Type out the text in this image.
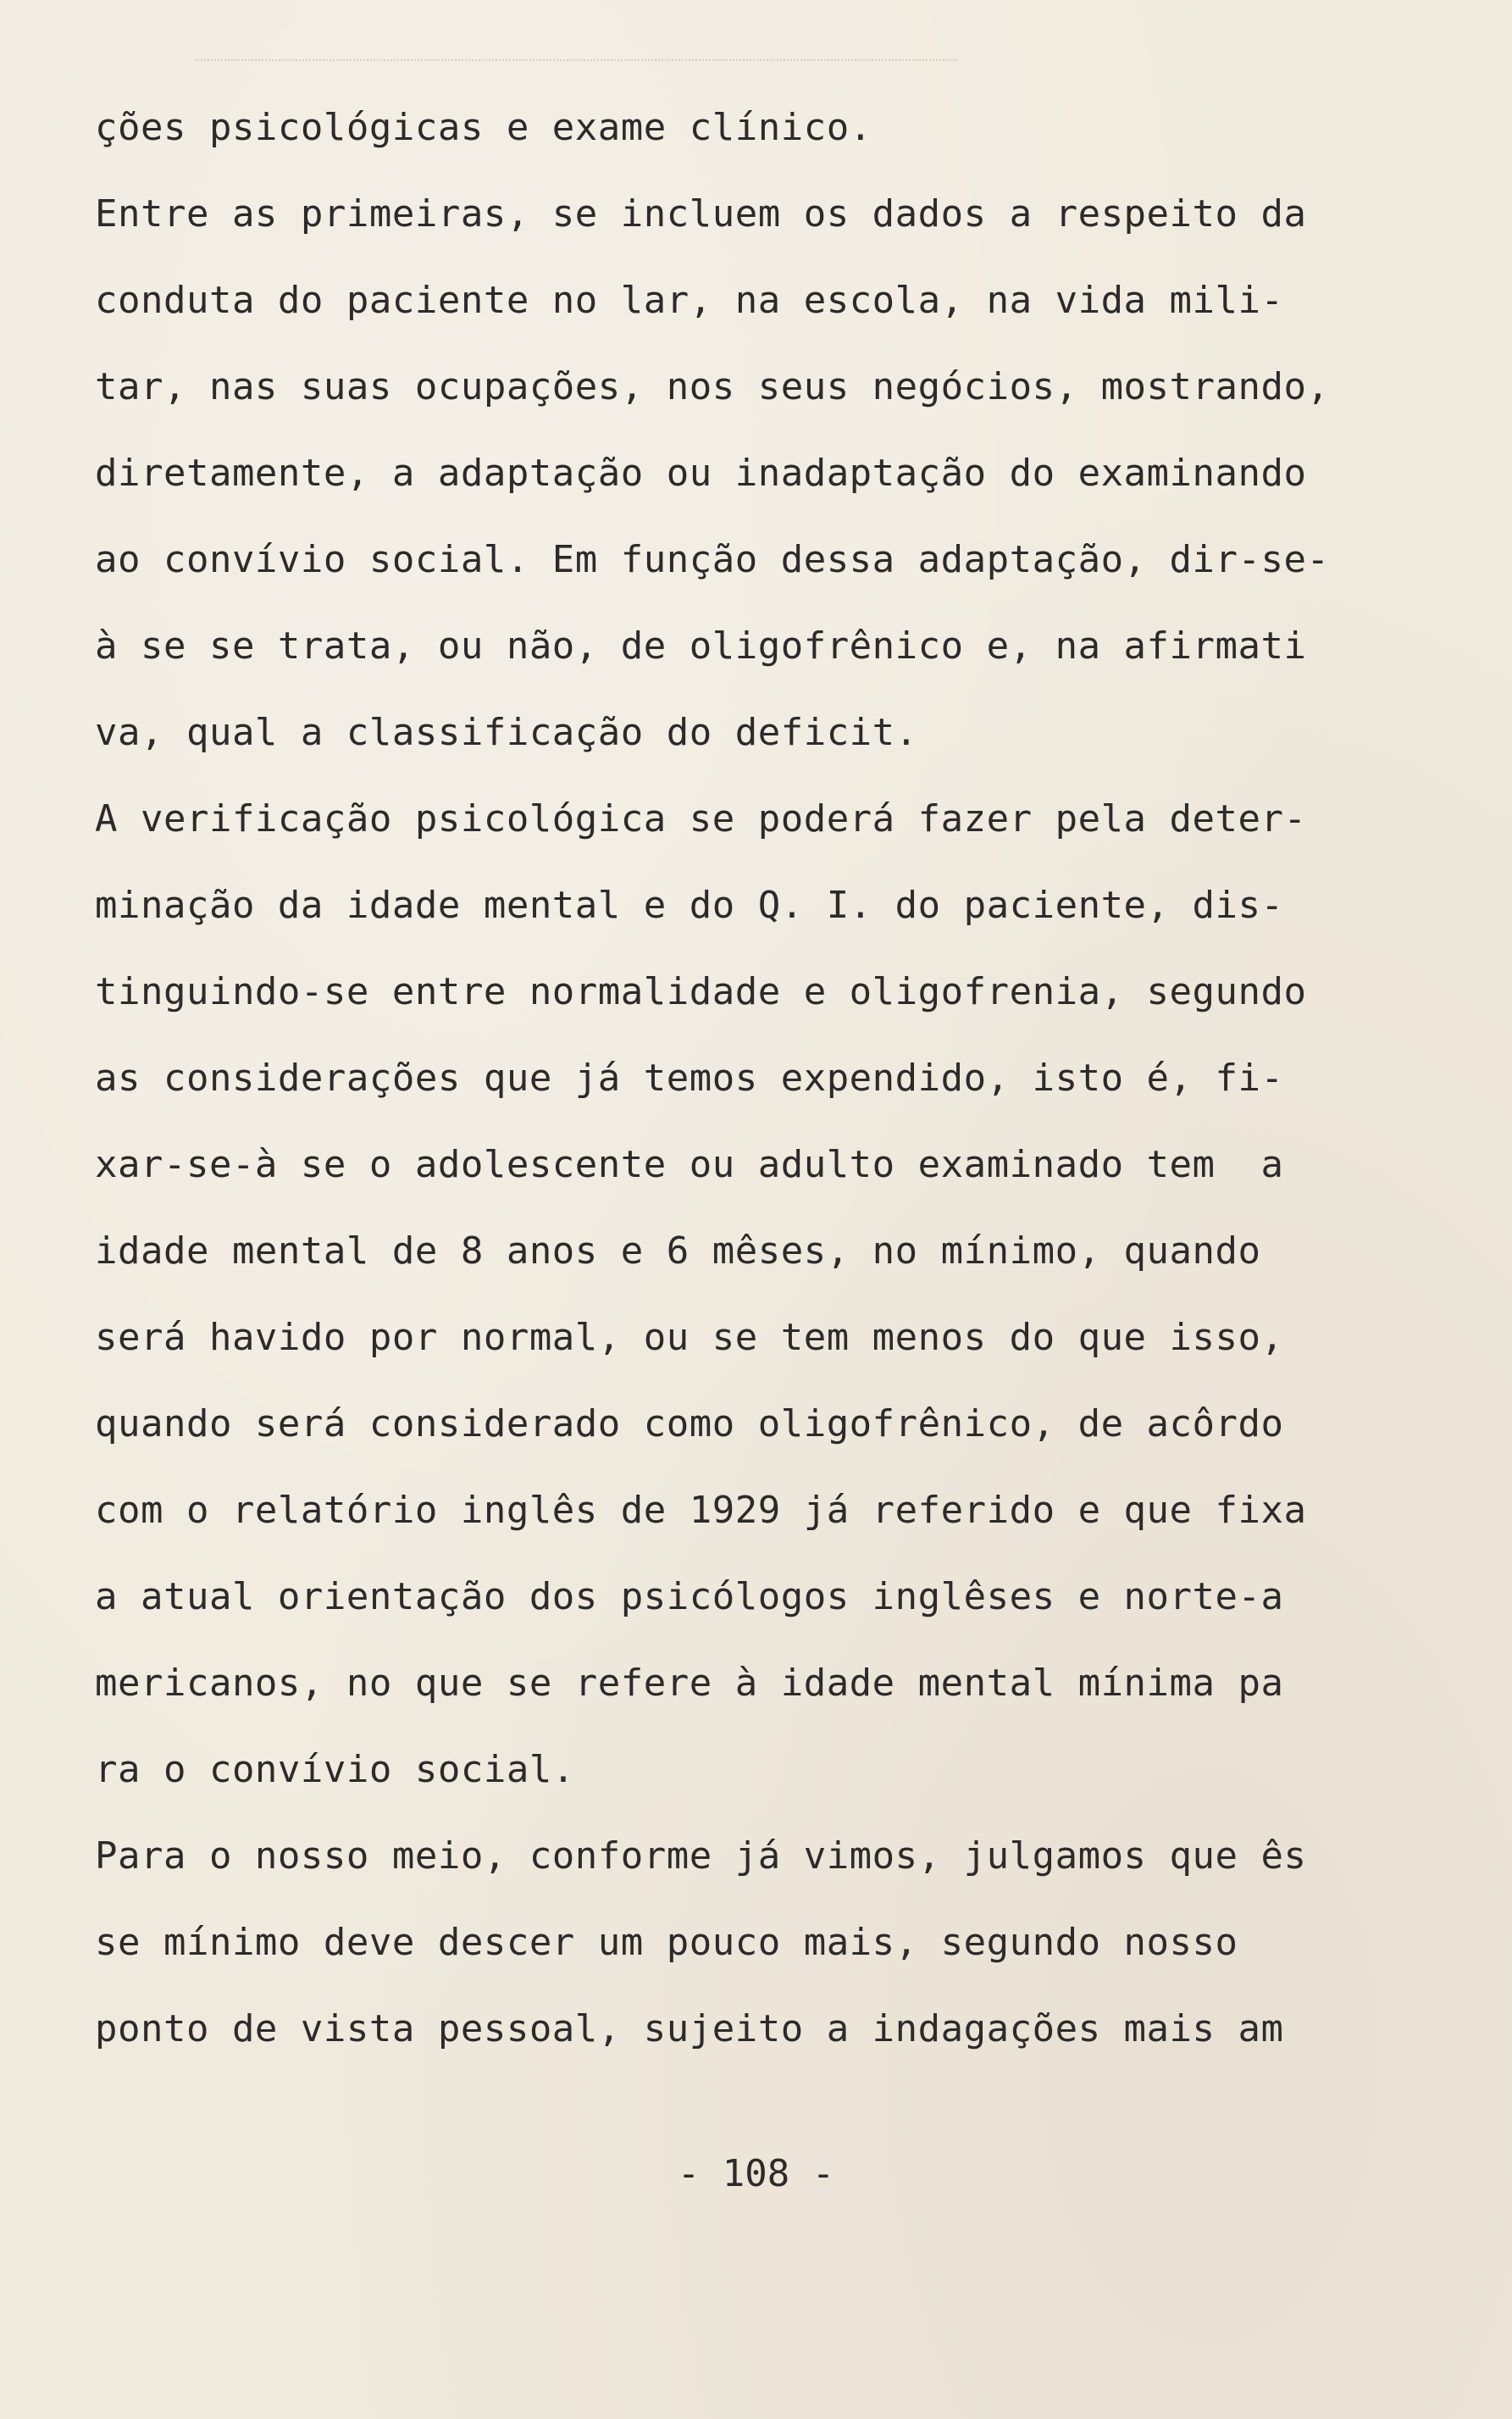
ções psicológicas e exame clínico.
Entre as primeiras, se incluem os dados a respeito da
conduta do paciente no lar, na escola, na vida mili-
tar, nas suas ocupações, nos seus negócios, mostrando,
diretamente, a adaptação ou inadaptação do examinando
ao convívio social. Em função dessa adaptação, dir-se-
à se se trata, ou não, de oligofrênico e, na afirmati
va, qual a classificação do deficit.
A verificação psicológica se poderá fazer pela deter-
minação da idade mental e do Q. I. do paciente, dis-
tinguindo-se entre normalidade e oligofrenia, segundo
as considerações que já temos expendido, isto é, fi-
xar-se-à se o adolescente ou adulto examinado tem  a
idade mental de 8 anos e 6 mêses, no mínimo, quando
será havido por normal, ou se tem menos do que isso,
quando será considerado como oligofrênico, de acôrdo
com o relatório inglês de 1929 já referido e que fixa
a atual orientação dos psicólogos inglêses e norte-a
mericanos, no que se refere à idade mental mínima pa
ra o convívio social.
Para o nosso meio, conforme já vimos, julgamos que ês
se mínimo deve descer um pouco mais, segundo nosso
ponto de vista pessoal, sujeito a indagações mais am
- 108 -
